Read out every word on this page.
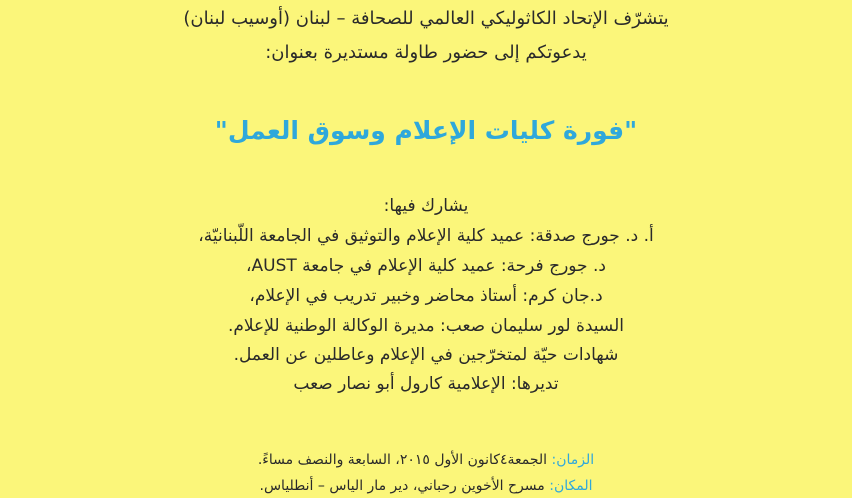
يتشرّف الإتحاد الكاثوليكي العالمي للصحافة – لبنان (أوسيب لبنان)
يدعوتكم إلى حضور طاولة مستديرة بعنوان:
"فورة كليات الإعلام وسوق العمل"
يشارك فيها:
أ. د. جورج صدقة: عميد كلية الإعلام والتوثيق في الجامعة اللّبنانيّة،
د. جورج فرحة: عميد كلية الإعلام في جامعة AUST،
د.جان كرم: أستاذ محاضر وخبير تدريب في الإعلام،
السيدة لور سليمان صعب: مديرة الوكالة الوطنية للإعلام.
شهادات حيّة لمتخرّجين في الإعلام وعاطلين عن العمل.
تديرها: الإعلامية كارول أبو نصار صعب
الزمان: الجمعة٤كانون الأول ٢٠١٥، السابعة والنصف مساءً.
المكان: مسرح الأخوين رحباني، دير مار الياس – أنطلياس.
